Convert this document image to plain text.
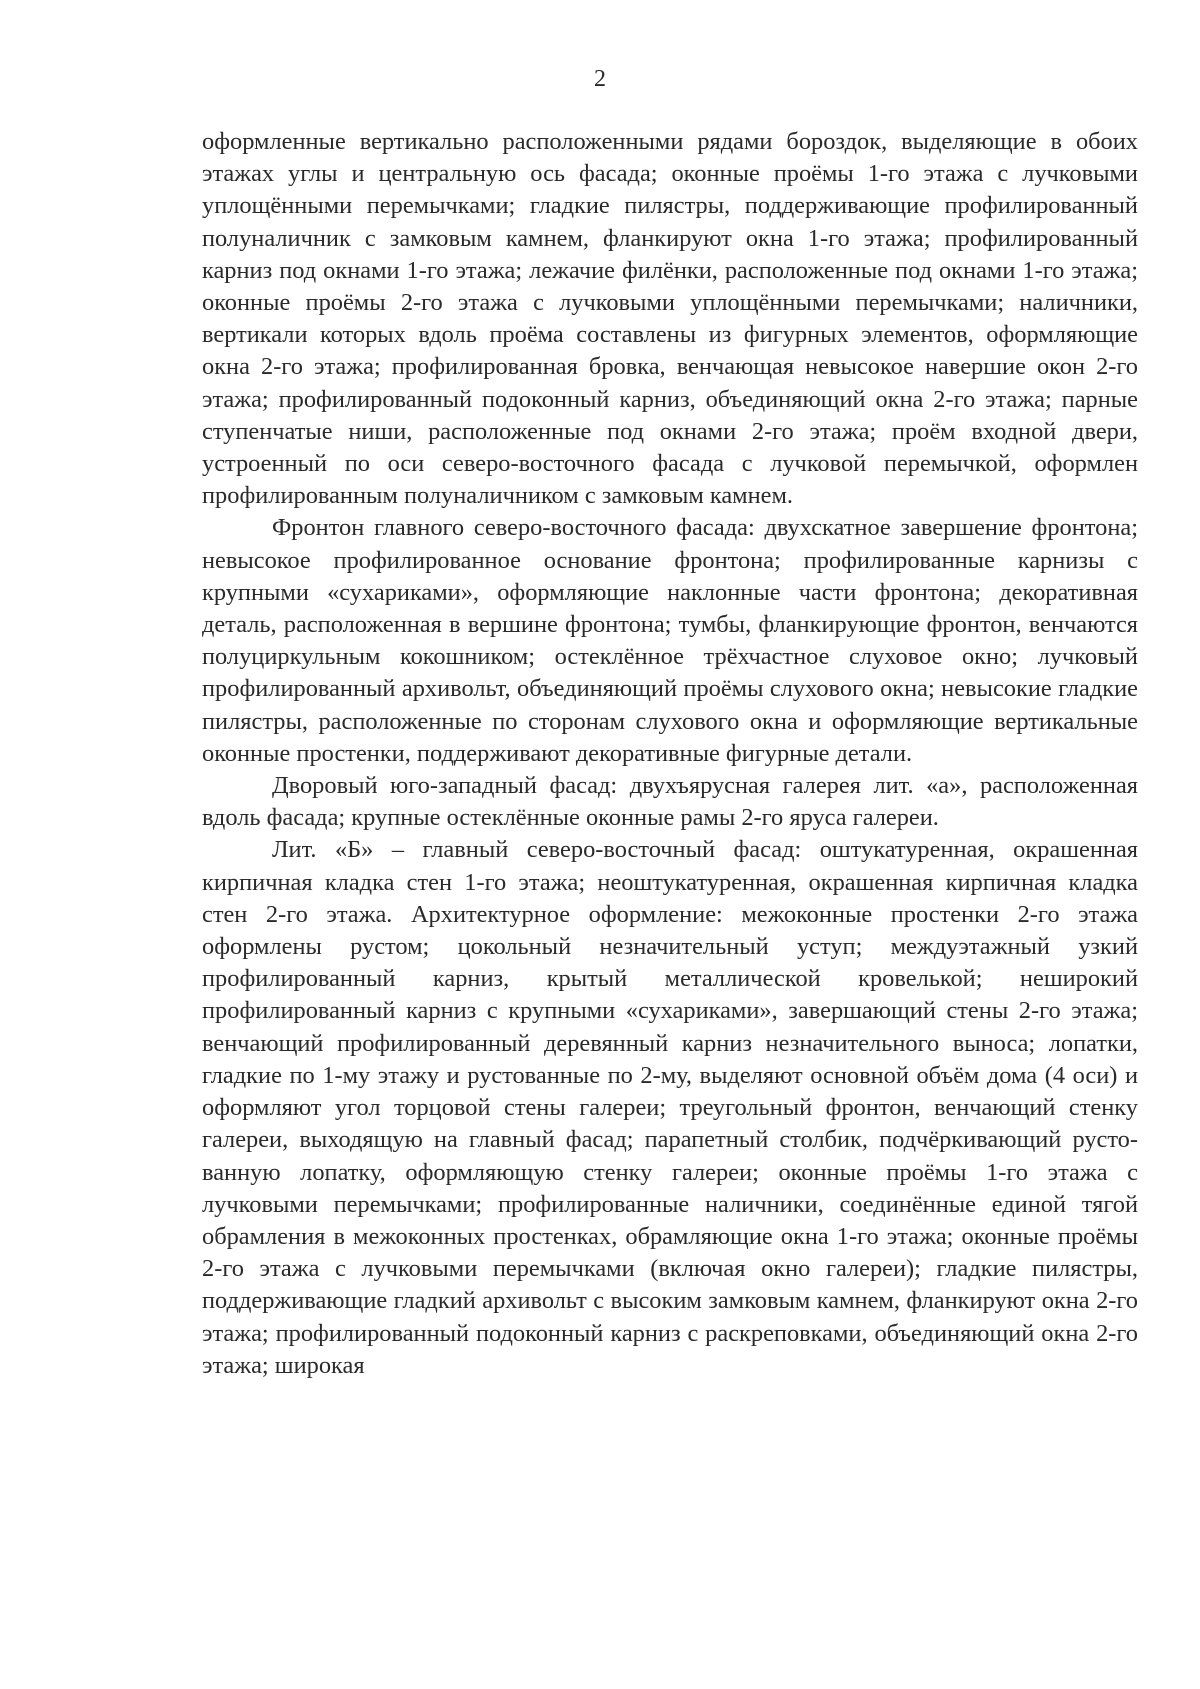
2

оформленные вертикально расположенными рядами бороздок, выделяющие в обоих этажах углы и центральную ось фасада; оконные проёмы 1-го этажа с лучковыми уплощёнными перемычками; гладкие пилястры, поддерживающие профилированный полуналичник с замковым камнем, фланкируют окна 1-го этажа; профилированный карниз под окнами 1-го этажа; лежачие филёнки, расположенные под окнами 1-го этажа; оконные проёмы 2-го этажа с лучковыми уплощёнными перемычками; наличники, вертикали которых вдоль проёма составлены из фигурных элементов, оформляющие окна 2-го этажа; профилированная бровка, венчающая невысокое навершие окон 2-го этажа; профилированный подоконный карниз, объединяющий окна 2-го этажа; парные ступенчатые ниши, расположенные под окнами 2-го этажа; проём входной двери, устроенный по оси северо-восточного фасада с лучковой перемычкой, оформлен профилированным полуналичником с замковым камнем.

Фронтон главного северо-восточного фасада: двухскатное завершение фронтона; невысокое профилированное основание фронтона; профилированные карнизы с крупными «сухариками», оформляющие наклонные части фронтона; декоративная деталь, расположенная в вершине фронтона; тумбы, фланкирующие фронтон, венчаются полуциркульным кокошником; остеклённое трёхчастное слуховое окно; лучковый профилированный архивольт, объединяющий проёмы слухового окна; невысокие гладкие пилястры, расположенные по сторонам слухового окна и оформляющие вертикальные оконные простенки, поддерживают декоративные фигурные детали.

Дворовый юго-западный фасад: двухъярусная галерея лит. «а», расположенная вдоль фасада; крупные остеклённые оконные рамы 2-го яруса галереи.

Лит. «Б» – главный северо-восточный фасад: оштукатуренная, окрашенная кирпичная кладка стен 1-го этажа; неоштукатуренная, окрашенная кирпичная кладка стен 2-го этажа. Архитектурное оформление: межоконные простенки 2-го этажа оформлены рустом; цокольный незначительный уступ; междуэтажный узкий профилированный карниз, крытый металлической кровелькой; неширокий профилированный карниз с крупными «сухариками», завершающий стены 2-го этажа; венчающий профилированный деревянный карниз незначительного выноса; лопатки, гладкие по 1-му этажу и рустованные по 2-му, выделяют основной объём дома (4 оси) и оформляют угол торцовой стены галереи; треугольный фронтон, венчающий стенку галереи, выходящую на главный фасад; парапетный столбик, подчёркивающий рустованную лопатку, оформляющую стенку галереи; оконные проёмы 1-го этажа с лучковыми перемычками; профилированные наличники, соединённые единой тягой обрамления в межоконных простенках, обрамляющие окна 1-го этажа; оконные проёмы 2-го этажа с лучковыми перемычками (включая окно галереи); гладкие пилястры, поддерживающие гладкий архивольт с высоким замковым камнем, фланкируют окна 2-го этажа; профилированный подоконный карниз с раскреповками, объединяющий окна 2-го этажа; широкая
